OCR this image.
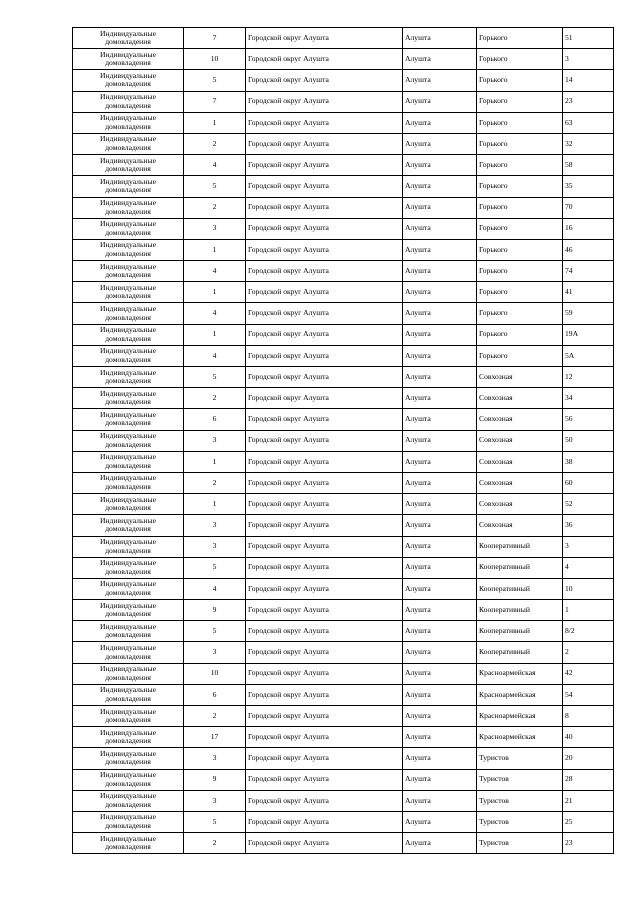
Индивидуальные
домовладения	7	Городской округ Алушта	Алушта	Горького	51

Индивидуальные
домовладения	10	Городской округ Алушта	Алушта	Горького	3

Индивидуальные
домовладения	5	Городской округ Алушта	Алушта	Горького	14

Индивидуальные
домовладения	7	Городской округ Алушта	Алушта	Горького	23

Индивидуальные
домовладения	1	Городской округ Алушта	Алушта	Горького	63

Индивидуальные
домовладения	2	Городской округ Алушта	Алушта	Горького	32

Индивидуальные
домовладения	4	Городской округ Алушта	Алушта	Горького	58

Индивидуальные
домовладения	5	Городской округ Алушта	Алушта	Горького	35

Индивидуальные
домовладения	2	Городской округ Алушта	Алушта	Горького	70

Индивидуальные
домовладения	3	Городской округ Алушта	Алушта	Горького	16

Индивидуальные
домовладения	1	Городской округ Алушта	Алушта	Горького	46

Индивидуальные
домовладения	4	Городской округ Алушта	Алушта	Горького	74

Индивидуальные
домовладения	1	Городской округ Алушта	Алушта	Горького	41

Индивидуальные
домовладения	4	Городской округ Алушта	Алушта	Горького	59

Индивидуальные
домовладения	1	Городской округ Алушта	Алушта	Горького	19А

Индивидуальные
домовладения	4	Городской округ Алушта	Алушта	Горького	5А

Индивидуальные
домовладения	5	Городской округ Алушта	Алушта	Совхозная	12

Индивидуальные
домовладения	2	Городской округ Алушта	Алушта	Совхозная	34

Индивидуальные
домовладения	6	Городской округ Алушта	Алушта	Совхозная	56

Индивидуальные
домовладения	3	Городской округ Алушта	Алушта	Совхозная	50

Индивидуальные
домовладения	1	Городской округ Алушта	Алушта	Совхозная	38

Индивидуальные
домовладения	2	Городской округ Алушта	Алушта	Совхозная	60

Индивидуальные
домовладения	1	Городской округ Алушта	Алушта	Совхозная	52

Индивидуальные
домовладения	3	Городской округ Алушта	Алушта	Совхозная	36

Индивидуальные
домовладения	3	Городской округ Алушта	Алушта	Кооперативный	3

Индивидуальные
домовладения	5	Городской округ Алушта	Алушта	Кооперативный	4

Индивидуальные
домовладения	4	Городской округ Алушта	Алушта	Кооперативный	10

Индивидуальные
домовладения	9	Городской округ Алушта	Алушта	Кооперативный	1

Индивидуальные
домовладения	5	Городской округ Алушта	Алушта	Кооперативный	8/2

Индивидуальные
домовладения	3	Городской округ Алушта	Алушта	Кооперативный	2

Индивидуальные
домовладения	10	Городской округ Алушта	Алушта	Красноармейская	42

Индивидуальные
домовладения	6	Городской округ Алушта	Алушта	Красноармейская	54

Индивидуальные
домовладения	2	Городской округ Алушта	Алушта	Красноармейская	8

Индивидуальные
домовладения	17	Городской округ Алушта	Алушта	Красноармейская	40

Индивидуальные
домовладения	3	Городской округ Алушта	Алушта	Туристов	20

Индивидуальные
домовладения	9	Городской округ Алушта	Алушта	Туристов	28

Индивидуальные
домовладения	3	Городской округ Алушта	Алушта	Туристов	21

Индивидуальные
домовладения	5	Городской округ Алушта	Алушта	Туристов	25

Индивидуальные
домовладения	2	Городской округ Алушта	Алушта	Туристов	23
